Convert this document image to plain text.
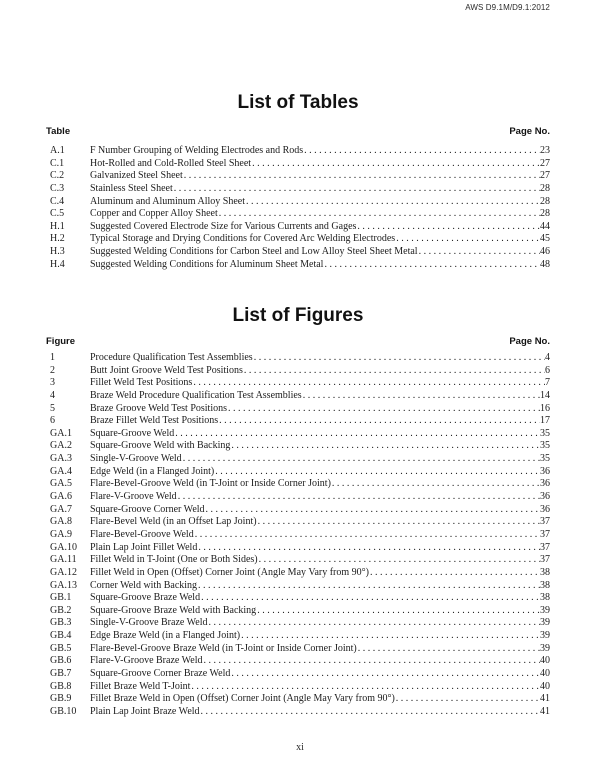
AWS D9.1M/D9.1:2012
List of Tables
Table	Page No.
A.1	F Number Grouping of Welding Electrodes and Rods . . .	23
C.1	Hot-Rolled and Cold-Rolled Steel Sheet . . .	27
C.2	Galvanized Steel Sheet . . .	27
C.3	Stainless Steel Sheet . . .	28
C.4	Aluminum and Aluminum Alloy Sheet . . .	28
C.5	Copper and Copper Alloy Sheet . . .	28
H.1	Suggested Covered Electrode Size for Various Currents and Gages . . .	44
H.2	Typical Storage and Drying Conditions for Covered Arc Welding Electrodes . . .	45
H.3	Suggested Welding Conditions for Carbon Steel and Low Alloy Steel Sheet Metal . . .	46
H.4	Suggested Welding Conditions for Aluminum Sheet Metal . . .	48
List of Figures
Figure	Page No.
1	Procedure Qualification Test Assemblies . . .	4
2	Butt Joint Groove Weld Test Positions . . .	6
3	Fillet Weld Test Positions . . .	7
4	Braze Weld Procedure Qualification Test Assemblies . . .	14
5	Braze Groove Weld Test Positions . . .	16
6	Braze Fillet Weld Test Positions . . .	17
GA.1	Square-Groove Weld . . .	35
GA.2	Square-Groove Weld with Backing . . .	35
GA.3	Single-V-Groove Weld . . .	35
GA.4	Edge Weld (in a Flanged Joint) . . .	36
GA.5	Flare-Bevel-Groove Weld (in T-Joint or Inside Corner Joint) . . .	36
GA.6	Flare-V-Groove Weld . . .	36
GA.7	Square-Groove Corner Weld . . .	36
GA.8	Flare-Bevel Weld (in an Offset Lap Joint) . . .	37
GA.9	Flare-Bevel-Groove Weld . . .	37
GA.10	Plain Lap Joint Fillet Weld . . .	37
GA.11	Fillet Weld in T-Joint (One or Both Sides) . . .	37
GA.12	Fillet Weld in Open (Offset) Corner Joint (Angle May Vary from 90°) . . .	38
GA.13	Corner Weld with Backing . . .	38
GB.1	Square-Groove Braze Weld . . .	38
GB.2	Square-Groove Braze Weld with Backing . . .	39
GB.3	Single-V-Groove Braze Weld . . .	39
GB.4	Edge Braze Weld (in a Flanged Joint) . . .	39
GB.5	Flare-Bevel-Groove Braze Weld (in T-Joint or Inside Corner Joint) . . .	39
GB.6	Flare-V-Groove Braze Weld . . .	40
GB.7	Square-Groove Corner Braze Weld . . .	40
GB.8	Fillet Braze Weld T-Joint . . .	40
GB.9	Fillet Braze Weld in Open (Offset) Corner Joint (Angle May Vary from 90°) . . .	41
GB.10	Plain Lap Joint Braze Weld . . .	41
xi
